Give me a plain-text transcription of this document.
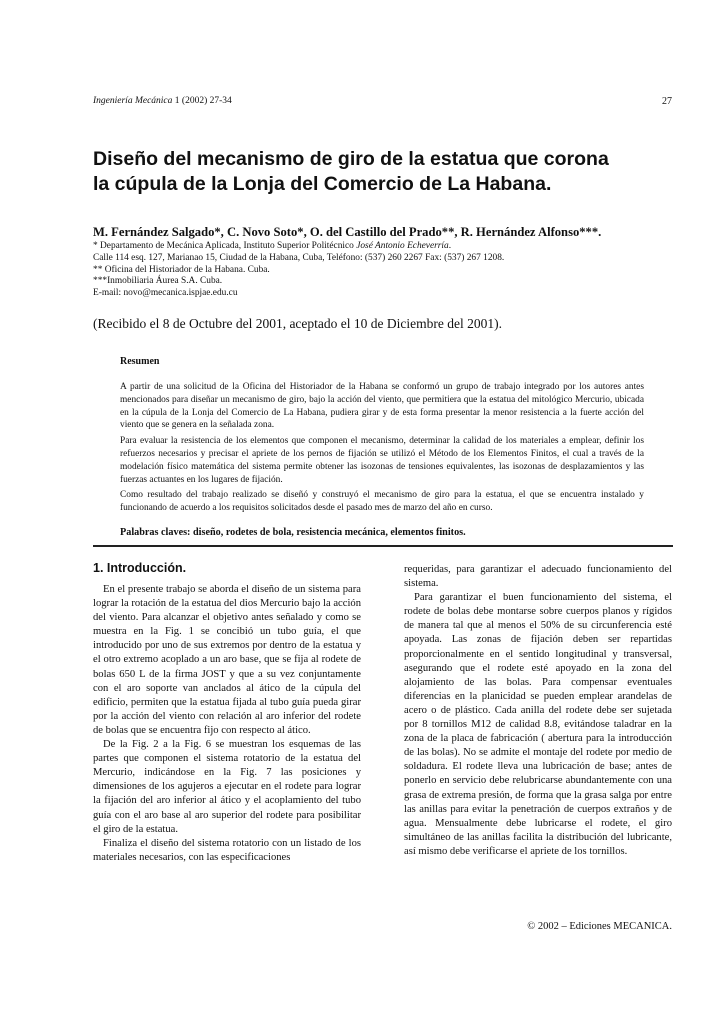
Ingeniería Mecánica 1 (2002) 27-34	27
Diseño del mecanismo de giro de la estatua que corona
la cúpula de la Lonja del Comercio de La Habana.
M. Fernández Salgado*, C. Novo Soto*, O. del Castillo del Prado**, R. Hernández Alfonso***.
* Departamento de Mecánica Aplicada, Instituto Superior Politécnico José Antonio Echeverría.
Calle 114 esq. 127, Marianao 15, Ciudad de la Habana, Cuba, Teléfono: (537) 260 2267 Fax: (537) 267 1208.
** Oficina del Historiador de la Habana. Cuba.
***Inmobiliaria Áurea S.A. Cuba.
E-mail: novo@mecanica.ispjae.edu.cu
(Recibido el 8 de Octubre del 2001, aceptado el 10 de Diciembre del 2001).
Resumen

A partir de una solicitud de la Oficina del Historiador de la Habana se conformó un grupo de trabajo integrado por los autores antes mencionados para diseñar un mecanismo de giro, bajo la acción del viento, que permitiera que la estatua del mitológico Mercurio, ubicada en la cúpula de la Lonja del Comercio de La Habana, pudiera girar y de esta forma presentar la menor resistencia a la fuerte acción del viento que se genera en la señalada zona.

Para evaluar la resistencia de los elementos que componen el mecanismo, determinar la calidad de los materiales a emplear, definir los refuerzos necesarios y precisar el apriete de los pernos de fijación se utilizó el Método de los Elementos Finitos, el cual a través de la modelación físico matemática del sistema permite obtener las isozonas de tensiones equivalentes, las isozonas de desplazamientos y las fuerzas actuantes en los lugares de fijación.

Como resultado del trabajo realizado se diseñó y construyó el mecanismo de giro para la estatua, el que se encuentra instalado y funcionando de acuerdo a los requisitos solicitados desde el pasado mes de marzo del año en curso.

Palabras claves: diseño, rodetes de bola, resistencia mecánica, elementos finitos.
1. Introducción.

En el presente trabajo se aborda el diseño de un sistema para lograr la rotación de la estatua del dios Mercurio bajo la acción del viento. Para alcanzar el objetivo antes señalado y como se muestra en la Fig. 1 se concibió un tubo guía, el que introducido por uno de sus extremos por dentro de la estatua y el otro extremo acoplado a un aro base, que se fija al rodete de bolas 650 L de la firma JOST y que a su vez conjuntamente con el aro soporte van anclados al ático de la cúpula del edificio, permiten que la estatua fijada al tubo guía pueda girar por la acción del viento con relación al aro inferior del rodete de bolas que se encuentra fijo con respecto al ático.

De la Fig. 2 a la Fig. 6 se muestran los esquemas de las partes que componen el sistema rotatorio de la estatua del Mercurio, indicándose en la Fig. 7 las posiciones y dimensiones de los agujeros a ejecutar en el rodete para lograr la fijación del aro inferior al ático y el acoplamiento del tubo guía con el aro base al aro superior del rodete para posibilitar el giro de la estatua.

Finaliza el diseño del sistema rotatorio con un listado de los materiales necesarios, con las especificaciones

requeridas, para garantizar el adecuado funcionamiento del sistema.

Para garantizar el buen funcionamiento del sistema, el rodete de bolas debe montarse sobre cuerpos planos y rígidos de manera tal que al menos el 50% de su circunferencia esté apoyada. Las zonas de fijación deben ser repartidas proporcionalmente en el sentido longitudinal y transversal, asegurando que el rodete esté apoyado en la zona del alojamiento de las bolas. Para compensar eventuales diferencias en la planicidad se pueden emplear arandelas de acero o de plástico. Cada anilla del rodete debe ser sujetada por 8 tornillos M12 de calidad 8.8, evitándose taladrar en la zona de la placa de fabricación ( abertura para la introducción de las bolas). No se admite el montaje del rodete por medio de soldadura. El rodete lleva una lubricación de base; antes de ponerlo en servicio debe relubricarse abundantemente con una grasa de extrema presión, de forma que la grasa salga por entre las anillas para evitar la penetración de cuerpos extraños y de agua. Mensualmente debe lubricarse el rodete, el giro simultáneo de las anillas facilita la distribución del lubricante, así mismo debe verificarse el apriete de los tornillos.

© 2002 – Ediciones MECANICA.
